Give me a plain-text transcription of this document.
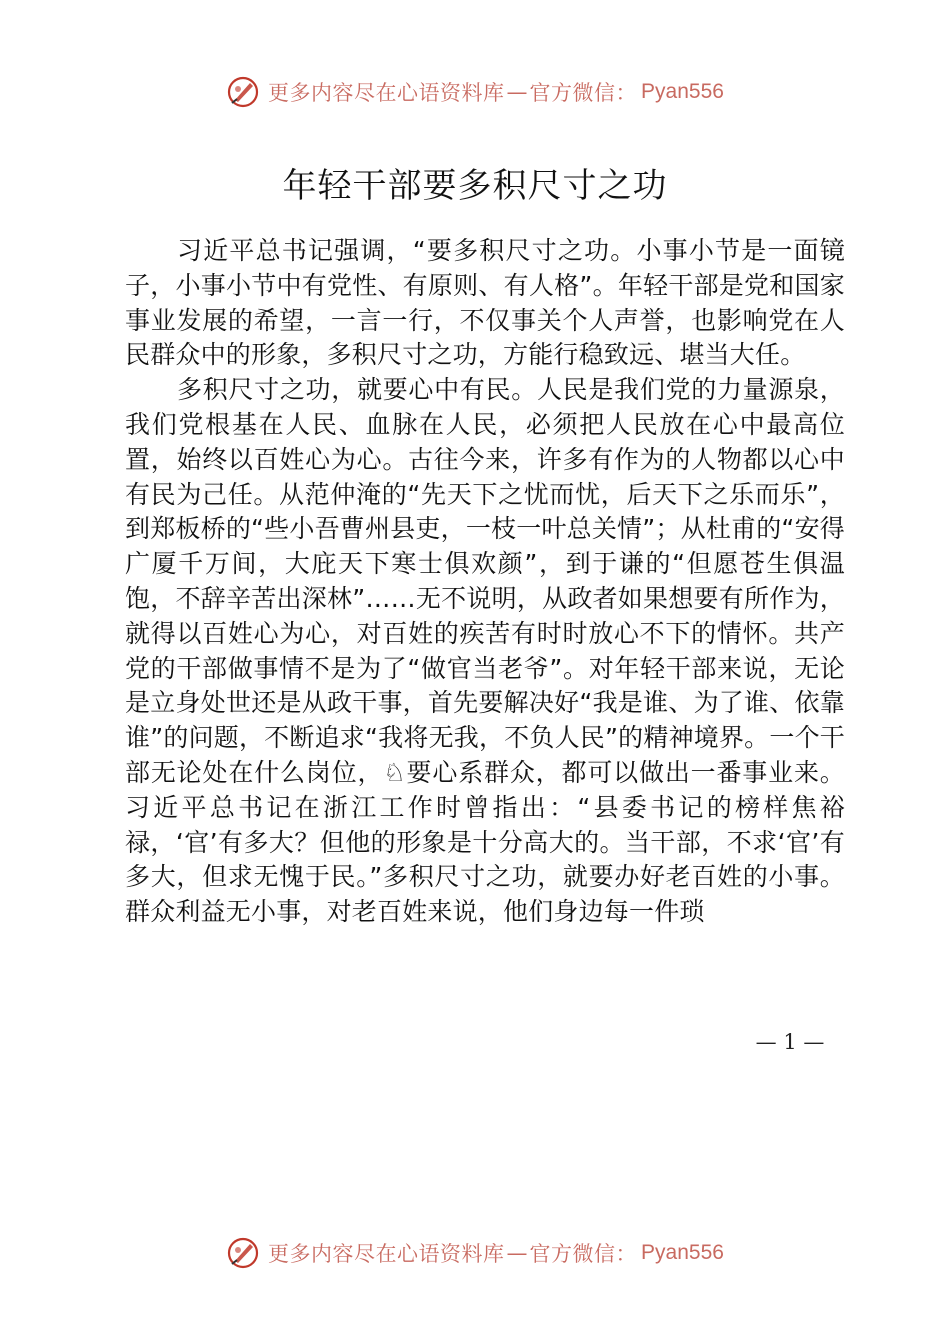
更多内容尽在心语资料库 — 官方微信： Pyan556
年轻干部要多积尺寸之功

习近平总书记强调，“要多积尺寸之功。小事小节是一面镜子，小事小节中有党性、有原则、有人格”。年轻干部是党和国家事业发展的希望，一言一行，不仅事关个人声誉，也影响党在人民群众中的形象，多积尺寸之功，方能行稳致远、堪当大任。

多积尺寸之功，就要心中有民。人民是我们党的力量源泉，我们党根基在人民、血脉在人民，必须把人民放在心中最高位置，始终以百姓心为心。古往今来，许多有作为的人物都以心中有民为己任。从范仲淹的“先天下之忧而忧，后天下之乐而乐”，到郑板桥的“些小吾曹州县吏，一枝一叶总关情”；从杜甫的“安得广厦千万间，大庇天下寒士俱欢颜”，到于谦的“但愿苍生俱温饱，不辞辛苦出深林”……无不说明，从政者如果想要有所作为，就得以百姓心为心，对百姓的疾苦有时时放心不下的情怀。共产党的干部做事情不是为了“做官当老爷”。对年轻干部来说，无论是立身处世还是从政干事，首先要解决好“我是谁、为了谁、依靠谁”的问题，不断追求“我将无我，不负人民”的精神境界。一个干部无论处在什么岗位，♘要心系群众，都可以做出一番事业来。习近平总书记在浙江工作时曾指出：“县委书记的榜样焦裕禄，‘官’有多大？但他的形象是十分高大的。当干部，不求‘官’有多大，但求无愧于民。”多积尺寸之功，就要办好老百姓的小事。群众利益无小事，对老百姓来说，他们身边每一件琐

— 1 —
更多内容尽在心语资料库 — 官方微信： Pyan556
